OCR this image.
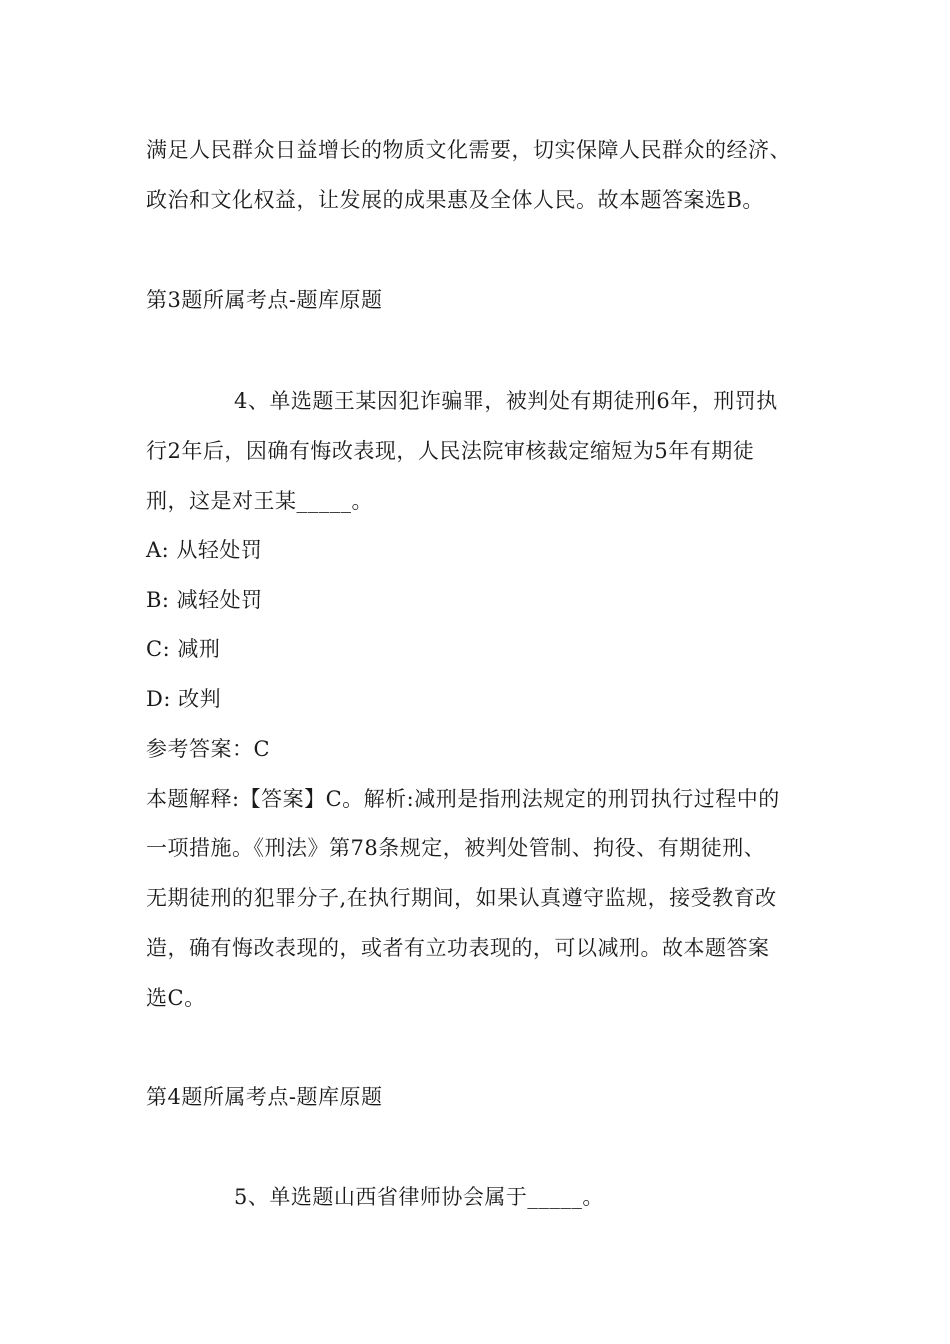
满足人民群众日益增长的物质文化需要，切实保障人民群众的经济、
政治和文化权益，让发展的成果惠及全体人民。故本题答案选B。
第3题所属考点-题库原题
4、单选题王某因犯诈骗罪，被判处有期徒刑6年，刑罚执
行2年后，因确有悔改表现，人民法院审核裁定缩短为5年有期徒
刑，这是对王某_____。
A: 从轻处罚
B: 减轻处罚
C: 减刑
D: 改判
参考答案：C
本题解释:【答案】C。解析:减刑是指刑法规定的刑罚执行过程中的
一项措施。《刑法》第78条规定，被判处管制、拘役、有期徒刑、
无期徒刑的犯罪分子,在执行期间，如果认真遵守监规，接受教育改
造，确有悔改表现的，或者有立功表现的，可以减刑。故本题答案
选C。
第4题所属考点-题库原题
5、单选题山西省律师协会属于_____。
